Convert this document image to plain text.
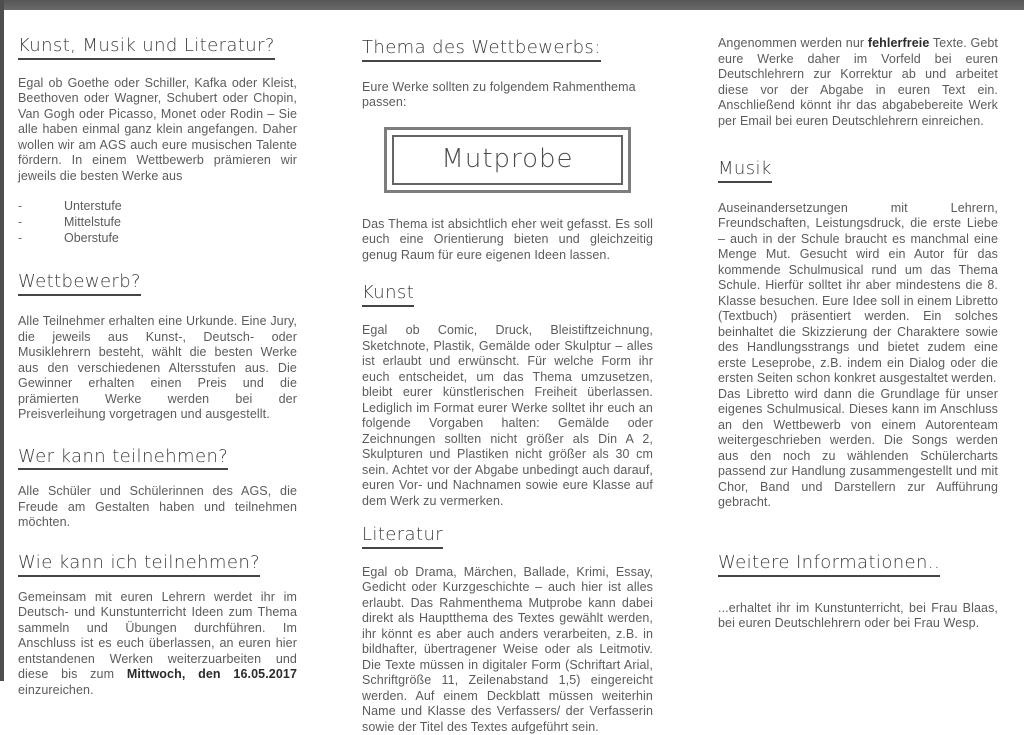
Kunst, Musik und Literatur?

Egal ob Goethe oder Schiller, Kafka oder Kleist, Beethoven oder Wagner, Schubert oder Chopin, Van Gogh oder Picasso, Monet oder Rodin – Sie alle haben einmal ganz klein angefangen. Daher wollen wir am AGS auch eure musischen Talente fördern. In einem Wettbewerb prämieren wir jeweils die besten Werke aus

-	Unterstufe
-	Mittelstufe
-	Oberstufe
Wettbewerb?

Alle Teilnehmer erhalten eine Urkunde. Eine Jury, die jeweils aus Kunst-, Deutsch- oder Musiklehrern besteht, wählt die besten Werke aus den verschiedenen Altersstufen aus. Die Gewinner erhalten einen Preis und die prämierten Werke werden bei der Preisverleihung vorgetragen und ausgestellt.

Wer kann teilnehmen?

Alle Schüler und Schülerinnen des AGS, die Freude am Gestalten haben und teilnehmen möchten.

Wie kann ich teilnehmen?

Gemeinsam mit euren Lehrern werdet ihr im Deutsch- und Kunstunterricht Ideen zum Thema sammeln und Übungen durchführen. Im Anschluss ist es euch überlassen, an euren hier entstandenen Werken weiterzuarbeiten und diese bis zum Mittwoch, den 16.05.2017 einzureichen.

Thema des Wettbewerbs:

Eure Werke sollten zu folgendem Rahmenthema passen:

Mutprobe

Das Thema ist absichtlich eher weit gefasst. Es soll euch eine Orientierung bieten und gleichzeitig genug Raum für eure eigenen Ideen lassen.

Kunst

Egal ob Comic, Druck, Bleistiftzeichnung, Sketchnote, Plastik, Gemälde oder Skulptur – alles ist erlaubt und erwünscht. Für welche Form ihr euch entscheidet, um das Thema umzusetzen, bleibt eurer künstlerischen Freiheit überlassen. Lediglich im Format eurer Werke solltet ihr euch an folgende Vorgaben halten: Gemälde oder Zeichnungen sollten nicht größer als Din A 2, Skulpturen und Plastiken nicht größer als 30 cm sein. Achtet vor der Abgabe unbedingt auch darauf, euren Vor- und Nachnamen sowie eure Klasse auf dem Werk zu vermerken.

Literatur

Egal ob Drama, Märchen, Ballade, Krimi, Essay, Gedicht oder Kurzgeschichte – auch hier ist alles erlaubt. Das Rahmenthema Mutprobe kann dabei direkt als Hauptthema des Textes gewählt werden, ihr könnt es aber auch anders verarbeiten, z.B. in bildhafter, übertragener Weise oder als Leitmotiv. Die Texte müssen in digitaler Form (Schriftart Arial, Schriftgröße 11, Zeilenabstand 1,5) eingereicht werden. Auf einem Deckblatt müssen weiterhin Name und Klasse des Verfassers/ der Verfasserin sowie der Titel des Textes aufgeführt sein.

Angenommen werden nur fehlerfreie Texte. Gebt eure Werke daher im Vorfeld bei euren Deutschlehrern zur Korrektur ab und arbeitet diese vor der Abgabe in euren Text ein. Anschließend könnt ihr das abgabebereite Werk per Email bei euren Deutschlehrern einreichen.

Musik

Auseinandersetzungen mit Lehrern, Freundschaften, Leistungsdruck, die erste Liebe – auch in der Schule braucht es manchmal eine Menge Mut. Gesucht wird ein Autor für das kommende Schulmusical rund um das Thema Schule. Hierfür solltet ihr aber mindestens die 8. Klasse besuchen. Eure Idee soll in einem Libretto (Textbuch) präsentiert werden. Ein solches beinhaltet die Skizzierung der Charaktere sowie des Handlungsstrangs und bietet zudem eine erste Leseprobe, z.B. indem ein Dialog oder die ersten Seiten schon konkret ausgestaltet werden.

Das Libretto wird dann die Grundlage für unser eigenes Schulmusical. Dieses kann im Anschluss an den Wettbewerb von einem Autorenteam weitergeschrieben werden. Die Songs werden aus den noch zu wählenden Schülercharts passend zur Handlung zusammengestellt und mit Chor, Band und Darstellern zur Aufführung gebracht.

Weitere Informationen..

...erhaltet ihr im Kunstunterricht, bei Frau Blaas, bei euren Deutschlehrern oder bei Frau Wesp.
